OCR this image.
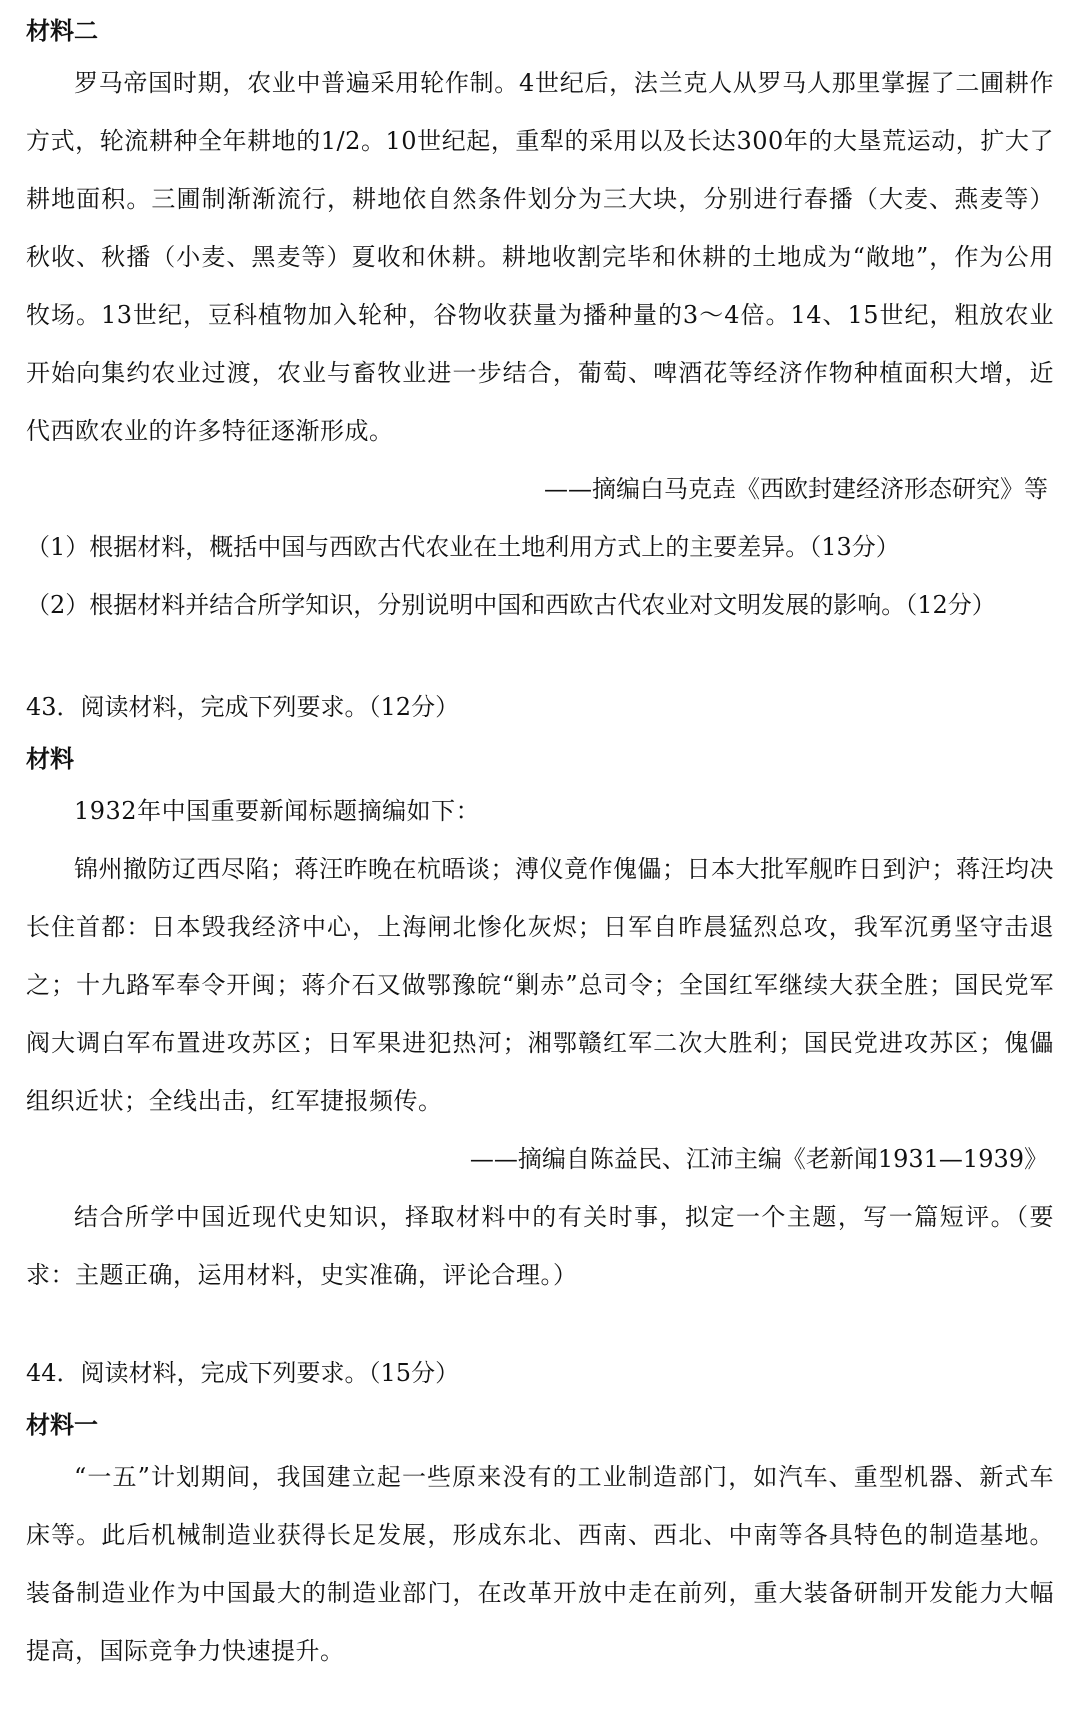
材料二

罗马帝国时期，农业中普遍采用轮作制。4世纪后，法兰克人从罗马人那里掌握了二圃耕作方式，轮流耕种全年耕地的1/2。10世纪起，重犁的采用以及长达300年的大垦荒运动，扩大了耕地面积。三圃制渐渐流行，耕地依自然条件划分为三大块，分别进行春播（大麦、燕麦等）秋收、秋播（小麦、黑麦等）夏收和休耕。耕地收割完毕和休耕的土地成为“敞地”，作为公用牧场。13世纪，豆科植物加入轮种，谷物收获量为播种量的3～4倍。14、15世纪，粗放农业开始向集约农业过渡，农业与畜牧业进一步结合，葡萄、啤酒花等经济作物种植面积大增，近代西欧农业的许多特征逐渐形成。

——摘编白马克垚《西欧封建经济形态研究》等

（1）根据材料，概括中国与西欧古代农业在土地利用方式上的主要差异。（13分）

（2）根据材料并结合所学知识，分别说明中国和西欧古代农业对文明发展的影响。（12分）

43．阅读材料，完成下列要求。（12分）

材料

1932年中国重要新闻标题摘编如下：

锦州撤防辽西尽陷；蒋汪昨晚在杭晤谈；溥仪竟作傀儡；日本大批军舰昨日到沪；蒋汪均决长住首都：日本毁我经济中心，上海闸北惨化灰烬；日军自昨晨猛烈总攻，我军沉勇坚守击退之；十九路军奉令开闽；蒋介石又做鄂豫皖“剿赤”总司令；全国红军继续大获全胜；国民党军阀大调白军布置进攻苏区；日军果进犯热河；湘鄂赣红军二次大胜利；国民党进攻苏区；傀儡组织近状；全线出击，红军捷报频传。

——摘编自陈益民、江沛主编《老新闻1931—1939》

结合所学中国近现代史知识，择取材料中的有关时事，拟定一个主题，写一篇短评。（要求：主题正确，运用材料，史实准确，评论合理。）

44．阅读材料，完成下列要求。（15分）

材料一

“一五”计划期间，我国建立起一些原来没有的工业制造部门，如汽车、重型机器、新式车床等。此后机械制造业获得长足发展，形成东北、西南、西北、中南等各具特色的制造基地。装备制造业作为中国最大的制造业部门，在改革开放中走在前列，重大装备研制开发能力大幅提高，国际竞争力快速提升。
